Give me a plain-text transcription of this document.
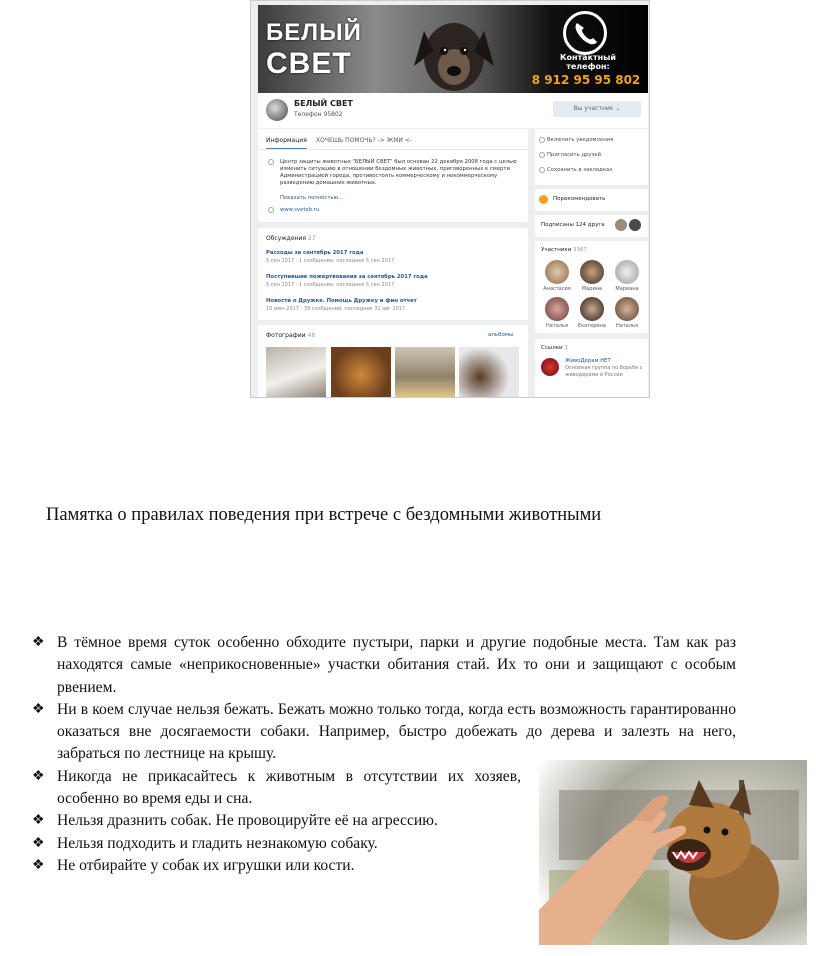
БЕЛЫЙ
СВЕТ	Контактный телефон:
8 912 95 95 802
БЕЛЫЙ СВЕТ
Телефон 95802
Вы участник ⌄
Информация ХОЧЕШЬ ПОМОЧЬ? -> ЖМИ <-
Центр защиты животных "БЕЛЫЙ СВЕТ" был основан 22 декабря 2008 года с целью изменить ситуацию в отношении бездомных животных, приговоренных к смерти Администрацией города, противостоять коммерческому и некоммерческому разведению домашних животных.
Показать полностью…
www.sveteb.ru
Обсуждения 27
Расходы за сентябрь 2017 года
5 сен 2017 · 1 сообщение, последнее 5 сен 2017
Поступившие пожертвования за сентябрь 2017 года
5 сен 2017 · 1 сообщение, последнее 5 сен 2017
Новости о Дружке. Помощь Дружку и фин отчет
10 июн 2017 · 39 сообщений, последнее 31 авг 2017
Фотографии 46	альбомы
Включить уведомления
Пригласить друзей
Сохранить в закладках
Порекомендовать
Подписаны 124 друга
Участники 3367
Анастасия	Марина	Мариана
Наталья	Екатерина	Наталья
Ссылки 3
ЖивоДёрам.НЕТ
Основная группа по борьбе с живодерами в России
Памятка о правилах поведения при встрече с бездомными животными
❖ В тёмное время суток особенно обходите пустыри, парки и другие подобные места. Там как раз находятся самые «неприкосновенные» участки обитания стай. Их то они и защищают с особым рвением.
❖ Ни в коем случае нельзя бежать. Бежать можно только тогда, когда есть возможность гарантированно оказаться вне досягаемости собаки. Например, быстро добежать до дерева и залезть на него, забраться по лестнице на крышу.
❖ Никогда не прикасайтесь к животным в отсутствии их хозяев, особенно во время еды и сна.
❖ Нельзя дразнить собак. Не провоцируйте её на агрессию.
❖ Нельзя подходить и гладить незнакомую собаку.
❖ Не отбирайте у собак их игрушки или кости.
